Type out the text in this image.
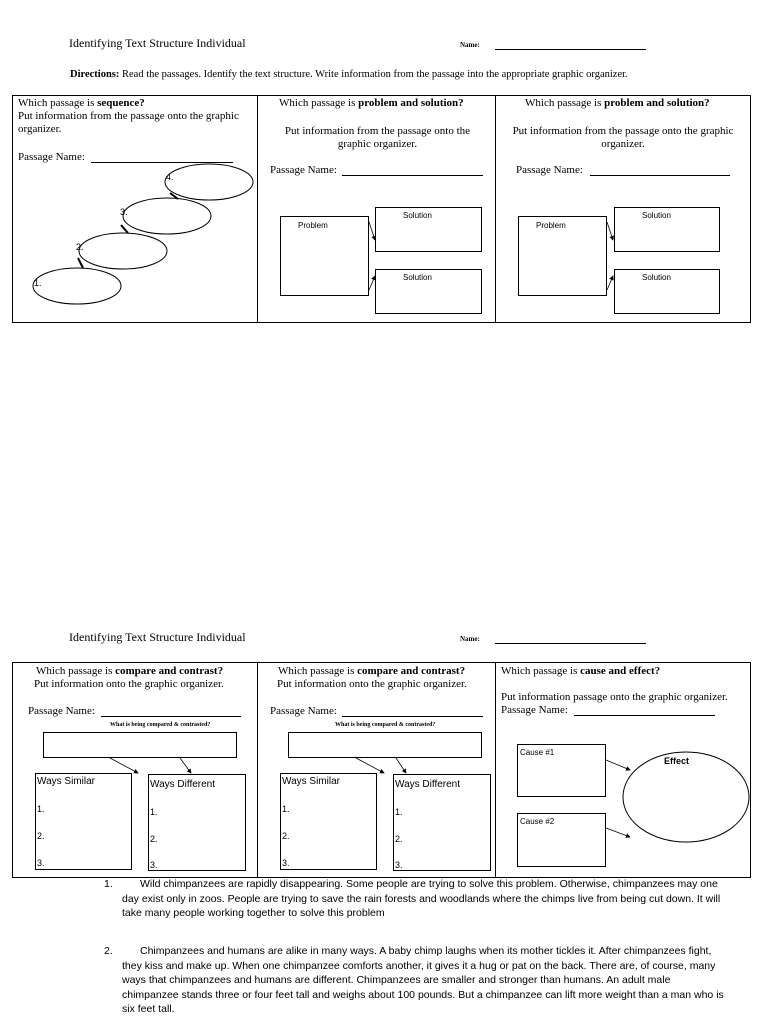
Identifying Text Structure Individual	Name:
Directions: Read the passages. Identify the text structure. Write information from the passage into the appropriate graphic organizer.
Which passage is sequence?
Put information from the passage onto the graphic organizer.
Passage Name:
Which passage is problem and solution?
Put information from the passage onto the graphic organizer.
Passage Name:
Problem
Solution
Solution
Which passage is problem and solution?
Put information from the passage onto the graphic organizer.
Passage Name:
Problem
Solution
Solution
4.
3.
2.
1.
Identifying Text Structure Individual	Name:
Which passage is compare and contrast?
Put information onto the graphic organizer.
Passage Name:
What is being compared & contrasted?
Ways Similar
1.
2.
3.
Ways Different
1.
2.
3.
Which passage is compare and contrast?
Put information onto the graphic organizer.
Passage Name:
What is being compared & contrasted?
Ways Similar
1.
2.
3.
Ways Different
1.
2.
3.
Which passage is cause and effect?
Put information passage onto the graphic organizer.
Passage Name:
Cause #1
Cause #2
Effect
1.	Wild chimpanzees are rapidly disappearing. Some people are trying to solve this problem. Otherwise, chimpanzees may one day exist only in zoos. People are trying to save the rain forests and woodlands where the chimps live from being cut down. It will take many people working together to solve this problem
2.	Chimpanzees and humans are alike in many ways. A baby chimp laughs when its mother tickles it. After chimpanzees fight, they kiss and make up. When one chimpanzee comforts another, it gives it a hug or pat on the back. There are, of course, many ways that chimpanzees and humans are different. Chimpanzees are smaller and stronger than humans. An adult male chimpanzee stands three or four feet tall and weighs about 100 pounds. But a chimpanzee can lift more weight than a man who is six feet tall.
